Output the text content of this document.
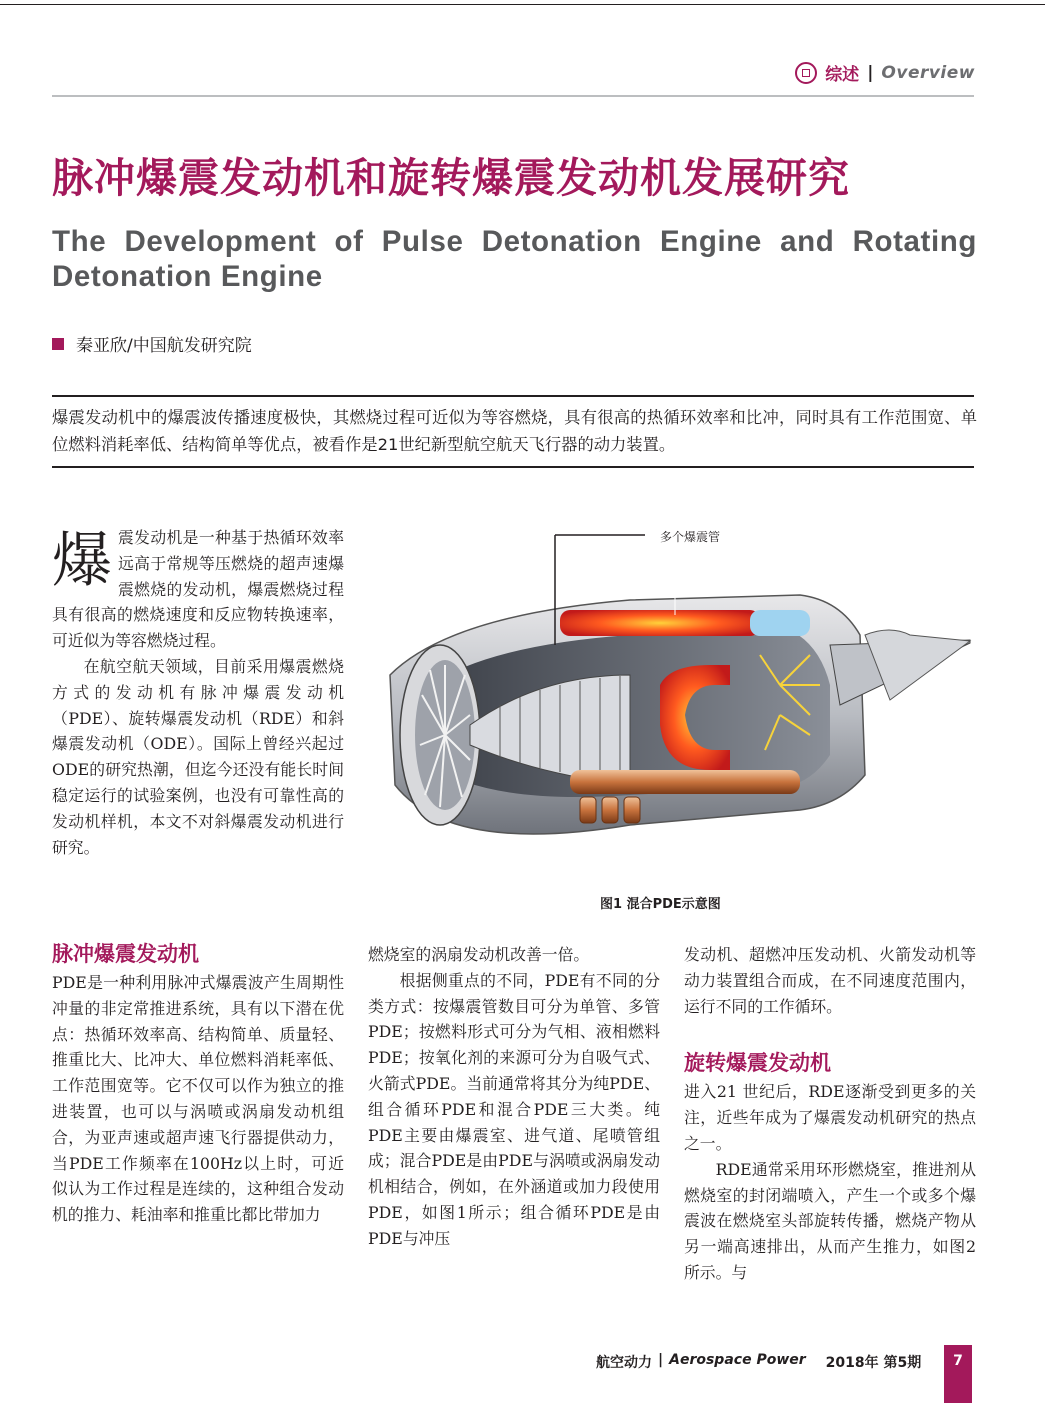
综述 | Overview
脉冲爆震发动机和旋转爆震发动机发展研究
The Development of Pulse Detonation Engine and Rotating Detonation Engine
秦亚欣/中国航发研究院
爆震发动机中的爆震波传播速度极快，其燃烧过程可近似为等容燃烧，具有很高的热循环效率和比冲，同时具有工作范围宽、单位燃料消耗率低、结构简单等优点，被看作是21世纪新型航空航天飞行器的动力装置。

爆震发动机是一种基于热循环效率远高于常规等压燃烧的超声速爆震燃烧的发动机，爆震燃烧过程具有很高的燃烧速度和反应物转换速率，可近似为等容燃烧过程。

在航空航天领域，目前采用爆震燃烧方式的发动机有脉冲爆震发动机（PDE）、旋转爆震发动机（RDE）和斜爆震发动机（ODE）。国际上曾经兴起过ODE的研究热潮，但迄今还没有能长时间稳定运行的试验案例，也没有可靠性高的发动机样机，本文不对斜爆震发动机进行研究。

多个爆震管
图1 混合PDE示意图
脉冲爆震发动机

PDE是一种利用脉冲式爆震波产生周期性冲量的非定常推进系统，具有以下潜在优点：热循环效率高、结构简单、质量轻、推重比大、比冲大、单位燃料消耗率低、工作范围宽等。它不仅可以作为独立的推进装置，也可以与涡喷或涡扇发动机组合，为亚声速或超声速飞行器提供动力，当PDE工作频率在100Hz以上时，可近似认为工作过程是连续的，这种组合发动机的推力、耗油率和推重比都比带加力

燃烧室的涡扇发动机改善一倍。

根据侧重点的不同，PDE有不同的分类方式：按爆震管数目可分为单管、多管PDE；按燃料形式可分为气相、液相燃料PDE；按氧化剂的来源可分为自吸气式、火箭式PDE。当前通常将其分为纯PDE、组合循环PDE和混合PDE三大类。纯PDE主要由爆震室、进气道、尾喷管组成；混合PDE是由PDE与涡喷或涡扇发动机相结合，例如，在外涵道或加力段使用PDE，如图1所示；组合循环PDE是由PDE与冲压

发动机、超燃冲压发动机、火箭发动机等动力装置组合而成，在不同速度范围内，运行不同的工作循环。

旋转爆震发动机

进入21 世纪后，RDE逐渐受到更多的关注，近些年成为了爆震发动机研究的热点之一。

RDE通常采用环形燃烧室，推进剂从燃烧室的封闭端喷入，产生一个或多个爆震波在燃烧室头部旋转传播，燃烧产物从另一端高速排出，从而产生推力，如图2所示。与

航空动力 | Aerospace Power 2018年 第5期	7
